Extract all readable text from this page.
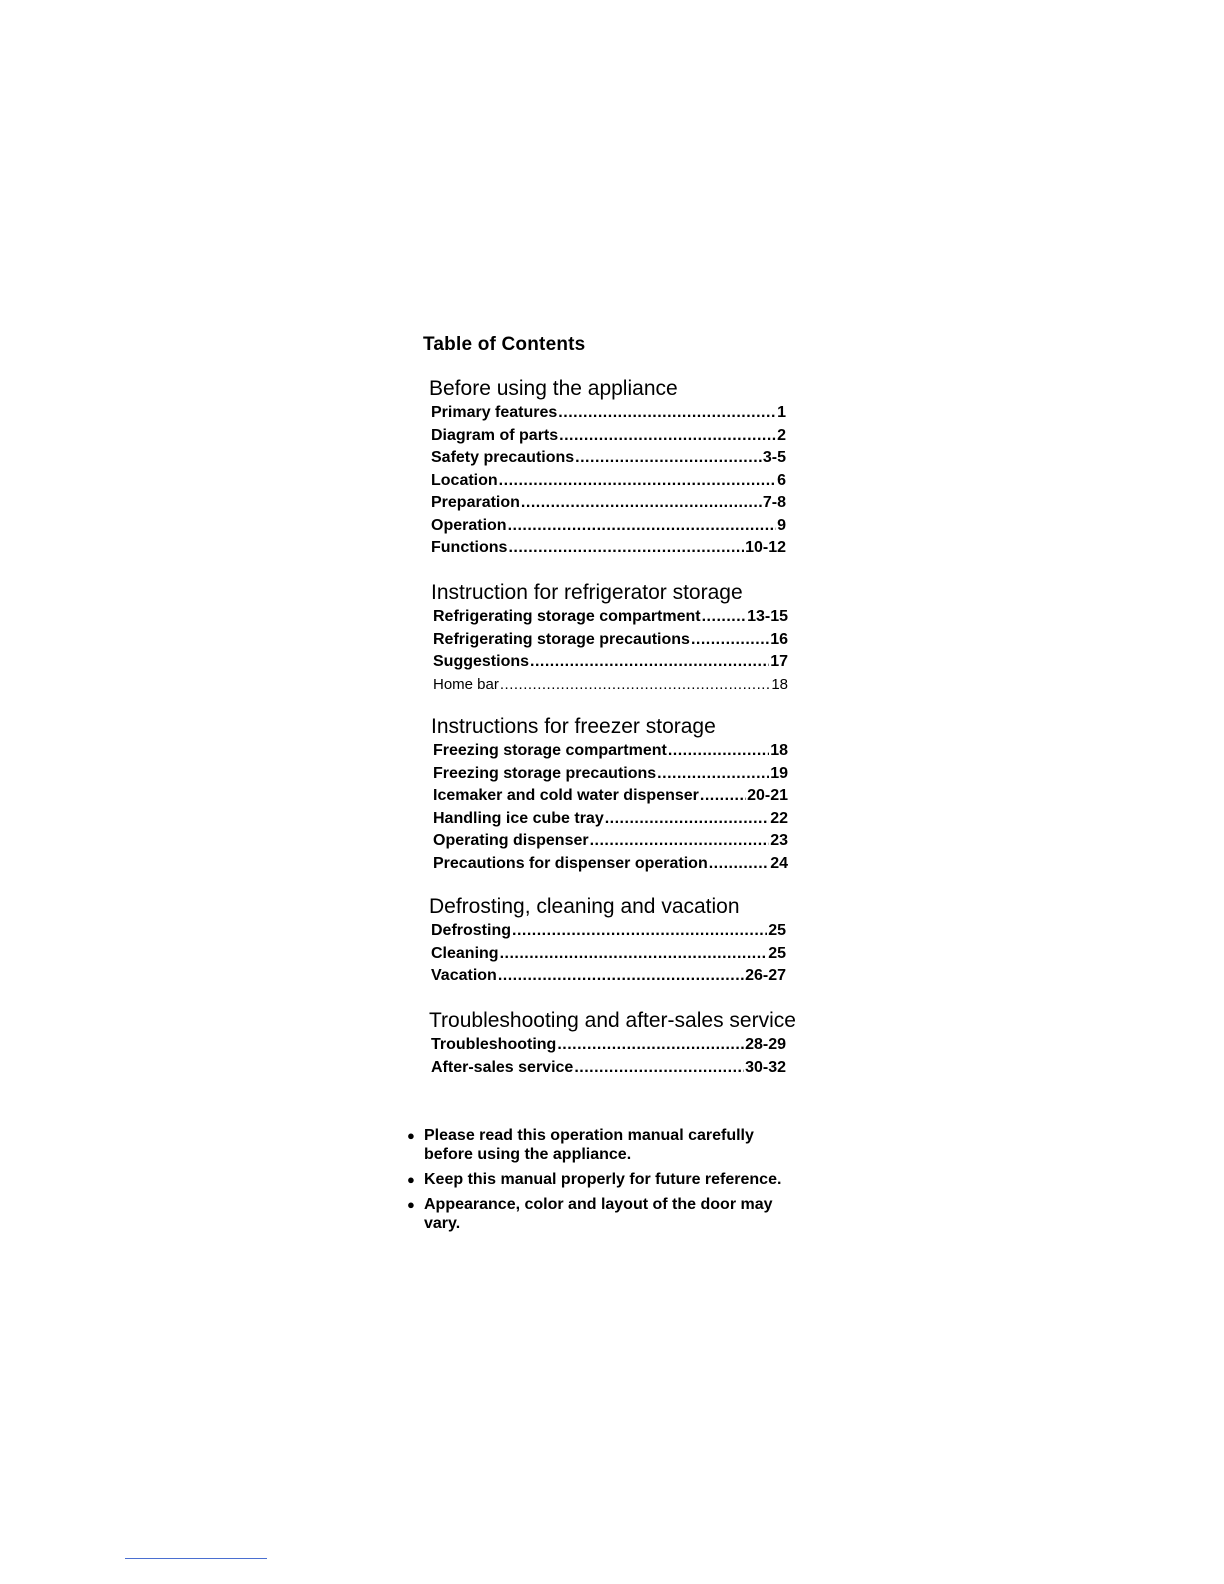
Table of Contents
Before using the appliance
Primary features .....	1
Diagram of parts .....	2
Safety precautions .....	3-5
Location .....	6
Preparation .....	7-8
Operation .....	9
Functions .....	10-12
Instruction for refrigerator storage
Refrigerating storage compartment .....	13-15
Refrigerating storage precautions .....	16
Suggestions .....	17
Home bar .....	18
Instructions for freezer storage
Freezing storage compartment .....	18
Freezing storage precautions .....	19
Icemaker and cold water dispenser .....	20-21
Handling ice cube tray .....	22
Operating dispenser .....	23
Precautions for dispenser operation .....	24
Defrosting, cleaning and vacation
Defrosting .....	25
Cleaning .....	25
Vacation .....	26-27
Troubleshooting and after-sales service
Troubleshooting .....	28-29
After-sales service .....	30-32
● Please read this operation manual carefully before using the appliance.
● Keep this manual properly for future reference.
● Appearance, color and layout of the door may vary.
